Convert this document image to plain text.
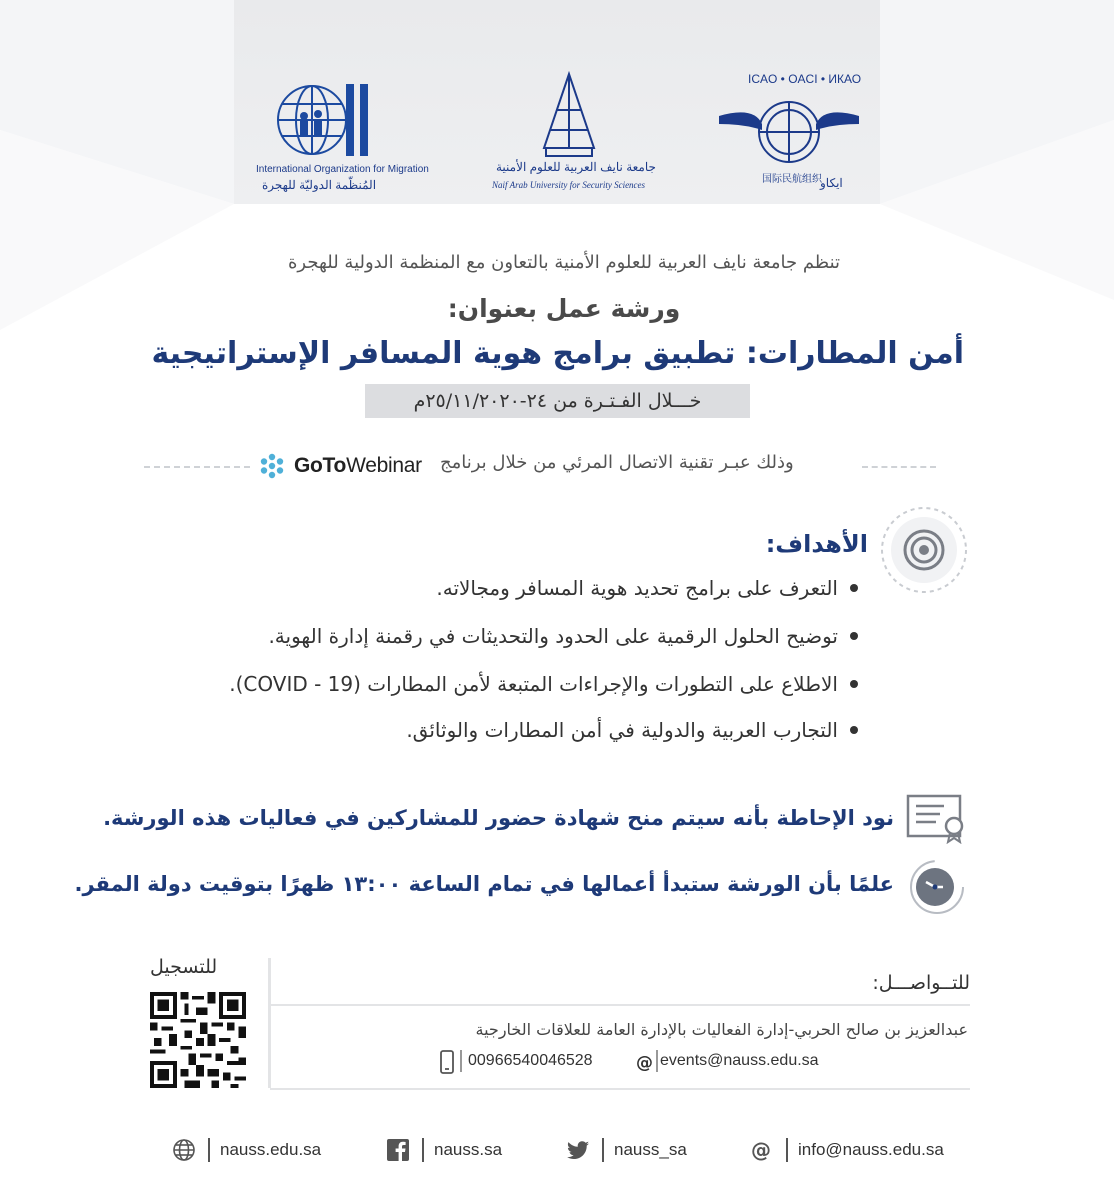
International Organization for Migration
المُنظّمة الدوليّة للهجرة
جامعة نايف العربية للعلوم الأمنية
Naif Arab University for Security Sciences
ICAO • OACI • ИКАО
国际民航组织
ايكاو
تنظم جامعة نايف العربية للعلوم الأمنية بالتعاون مع المنظمة الدولية للهجرة
ورشة عمل بعنوان:
أمن المطارات: تطبيق برامج هوية المسافر الإستراتيجية
خـــلال الفـتـرة من ٢٤-٢٥/١١/٢٠٢٠م
وذلك عبـر تقنية الاتصال المرئي من خلال برنامج
GoToWebinar
الأهداف:
التعرف على برامج تحديد هوية المسافر ومجالاته.
توضيح الحلول الرقمية على الحدود والتحديثات في رقمنة إدارة الهوية.
الاطلاع على التطورات والإجراءات المتبعة لأمن المطارات (COVID - 19).
التجارب العربية والدولية في أمن المطارات والوثائق.
نود الإحاطة بأنه سيتم منح شهادة حضور للمشاركين في فعاليات هذه الورشة.
علمًا بأن الورشة ستبدأ أعمالها في تمام الساعة ١٣:٠٠ ظهرًا بتوقيت دولة المقر.
للتسجيل
للتــواصـــل:
عبدالعزيز بن صالح الحربي-إدارة الفعاليات بالإدارة العامة للعلاقات الخارجية
@ events@nauss.edu.sa
00966540046528
nauss.edu.sa	nauss.sa	nauss_sa	@ info@nauss.edu.sa
